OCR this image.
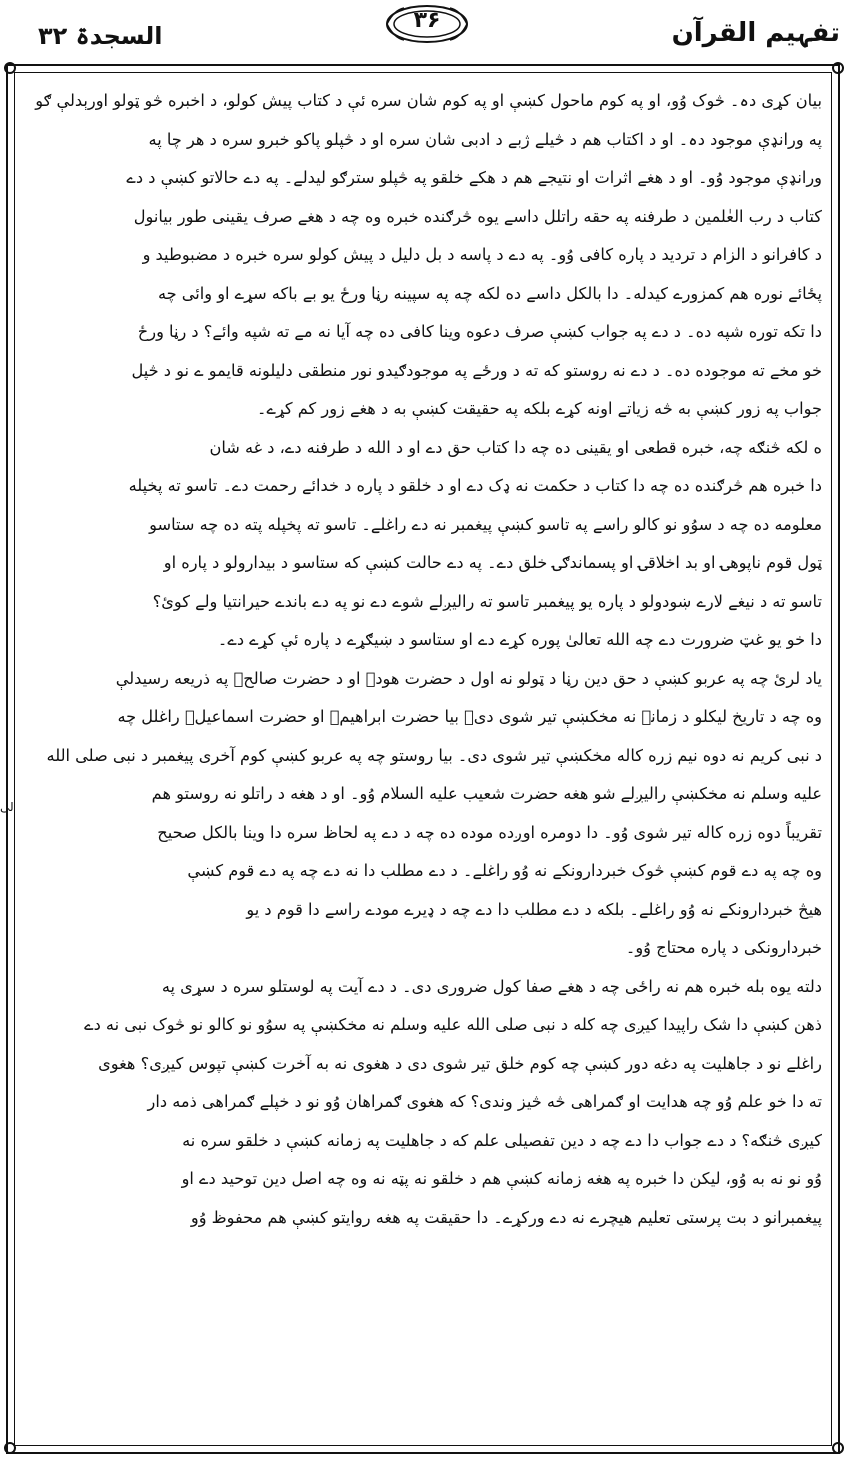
تفہیم القرآن
۳۶
السجدۃ ۳۲
لی
بیان کړی دہ۔ څوک وُو، او په کوم ماحول کښې او په کوم شان سره ئې د کتاب پیش کولو، د اخبره څو ټولو اورېدلې ګو
په ورانډې موجود دہ۔ او د اکتاب هم د څیلے ژبے د ادبی شان سره او د څپلو پاکو خبرو سره د هر چا په
ورانډې موجود وُو۔ او د هغے اثرات او نتیجے هم د هکے خلقو په څپلو سترګو لیدلے۔ په دے حالاتو کښې د دے
کتاب د رب العٰلمین د طرفنه په حقه راتلل داسے یوه څرګنده خبره وه چه د هغے صرف یقینی طور بیانول
د کافرانو د الزام د تردید د پاره کافی وُو۔ په دے د پاسه د بل دلیل د پیش کولو سره خبره د مضبوطید و
پځائے نوره هم کمزورے کیدله۔ دا بالکل داسے ده لکه چه په سپینه رڼا ورځ یو بے باکه سړے او وائی چه
دا تکه توره شپه ده۔ د دے په جواب کښې صرف دعوه وینا کافی ده چه آیا نه مے ته شپه وائے؟ د رڼا ورځ
خو مخے ته موجوده ده۔ د دے نه روستو که ته د ورځے په موجودګیدو نور منطقی دلیلونه قایمو ے نو د څپل
جواب په زور کښې به څه زیاتے اونه کړے بلکه په حقیقت کښې به د هغے زور کم کړے۔
ه لکه څنګه چه، خبره قطعی او یقینی ده چه دا کتاب حق دے او د الله د طرفنه دے، د غه شان
دا خبره هم څرګنده ده چه دا کتاب د حکمت نه ډک دے او د خلقو د پاره د خدائے رحمت دے۔ تاسو ته پخپله
معلومه ده چه د سوُو نو کالو راسے په تاسو کښې پیغمبر نه دے راغلے۔ تاسو ته پخپله پته ده چه ستاسو
ټول قوم ناپوهۍ او بد اخلاقۍ او پسماندګۍ خلق دے۔ په دے حالت کښې که ستاسو د بیدارولو د پاره او
تاسو ته د نیغے لارے ښودولو د پاره یو پیغمبر تاسو ته رالیږلے شوے دے نو په دے باندے حیرانتیا ولے کوئ؟
دا خو یو غټ ضرورت دے چه الله تعالیٰ پوره کړے دے او ستاسو د ښیګړے د پاره ئې کړے دے۔
یاد لرئ چه په عربو کښې د حق دین رڼا د ټولو نه اول د حضرت هودؑ او د حضرت صالحؑ په ذریعه رسیدلې
وه چه د تاریخ لیکلو د زمانے نه مخکښې تیر شوی دی۔ بیا حضرت ابراهیمؑ او حضرت اسماعیلؑ راغلل چه
د نبی کریم نه دوه نیم زره کاله مخکښې تیر شوی دی۔ بیا روستو چه په عربو کښې کوم آخری پیغمبر د نبی صلی الله
علیه وسلم نه مخکښې رالیږلے شو هغه حضرت شعیب علیه السلام وُو۔ او د هغه د راتلو نه روستو هم
تقریباً دوه زره کاله تیر شوی وُو۔ دا دومره اوږده موده ده چه د دے په لحاظ سره دا وینا بالکل صحیح
وه چه په دے قوم کښې څوک خبردارونکے نه وُو راغلے۔ د دے مطلب دا نه دے چه په دے قوم کښې
هیڅ خبردارونکے نه وُو راغلے۔ بلکه د دے مطلب دا دے چه د ډیرے مودے راسے دا قوم د یو
خبردارونکی د پاره محتاج وُو۔
دلته یوه بله خبره هم نه راځی چه د هغے صفا کول ضروری دی۔ د دے آیت په لوستلو سره د سړی په
ذهن کښې دا شک راپیدا کیږی چه کله د نبی صلی الله علیه وسلم نه مخکښې په سوُو نو کالو نو څوک نبی نه دے
راغلے نو د جاهلیت په دغه دور کښې چه کوم خلق تیر شوی دی د هغوی نه به آخرت کښې تپوس کیږی؟ هغوی
ته دا خو علم وُو چه هدایت او ګمراهی څه څیز وندی؟ که هغوی ګمراهان وُو نو د خپلے ګمراهی ذمه دار
کیږی څنګه؟ د دے جواب دا دے چه د دین تفصیلی علم که د جاهلیت په زمانه کښې د خلقو سره نه
وُو نو نه به وُو، لیکن دا خبره په هغه زمانه کښې هم د خلقو نه پټه نه وه چه اصل دین توحید دے او
پیغمبرانو د بت پرستی تعلیم هیچرے نه دے ورکړے۔ دا حقیقت په هغه روایتو کښې هم محفوظ وُو
